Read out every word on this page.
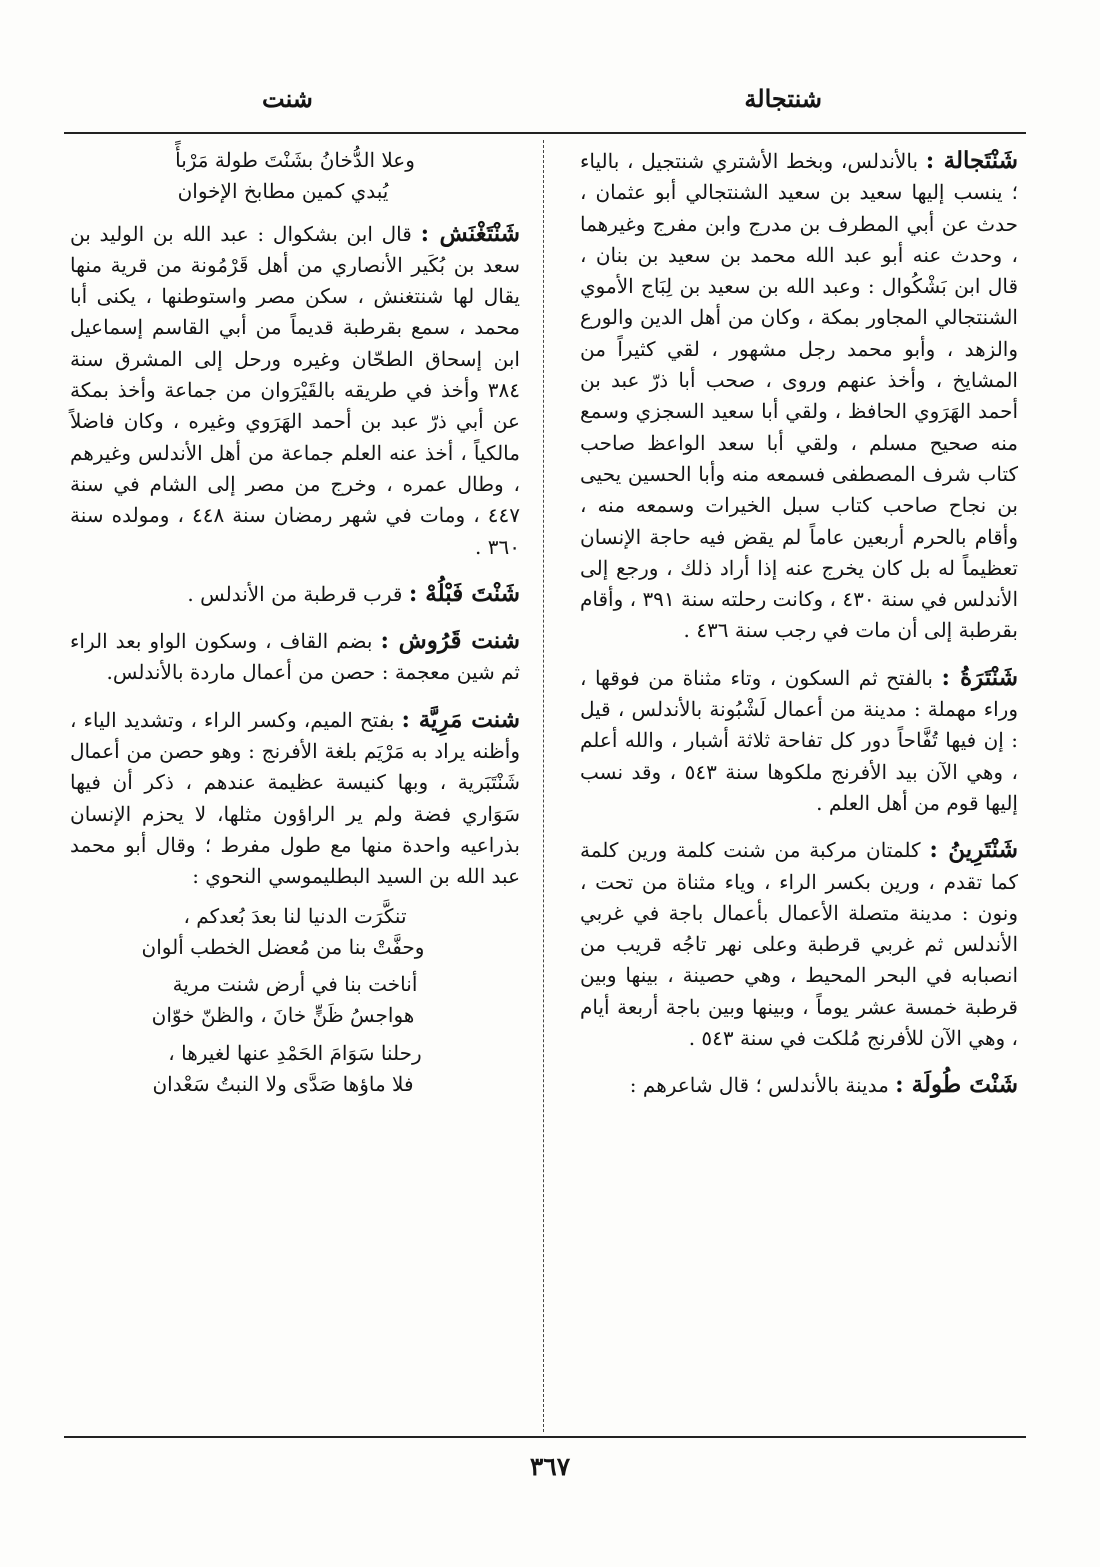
شنتجالة
شنت

شَنْتَجالة : بالأندلس، وبخط الأشتري شنتجيل ، بالياء ؛ ينسب إليها سعيد بن سعيد الشنتجالي أبو عثمان ، حدث عن أبي المطرف بن مدرج وابن مفرج وغيرهما ، وحدث عنه أبو عبد الله محمد بن سعيد بن بنان ، قال ابن بَشْكُوال : وعبد الله بن سعيد بن لِبَاج الأموي الشنتجالي المجاور بمكة ، وكان من أهل الدين والورع والزهد ، وأبو محمد رجل مشهور ، لقي كثيراً من المشايخ ، وأخذ عنهم وروى ، صحب أبا ذرّ عبد بن أحمد الهَرَوي الحافظ ، ولقي أبا سعيد السجزي وسمع منه صحيح مسلم ، ولقي أبا سعد الواعظ صاحب كتاب شرف المصطفى فسمعه منه وأبا الحسين يحيى بن نجاح صاحب كتاب سبل الخيرات وسمعه منه ، وأقام بالحرم أربعين عاماً لم يقض فيه حاجة الإنسان تعظيماً له بل كان يخرج عنه إذا أراد ذلك ، ورجع إلى الأندلس في سنة ٤٣٠ ، وكانت رحلته سنة ٣٩١ ، وأقام بقرطبة إلى أن مات في رجب سنة ٤٣٦ .

شَنْتَرَةُ : بالفتح ثم السكون ، وتاء مثناة من فوقها ، وراء مهملة : مدينة من أعمال لَشْبُونة بالأندلس ، قيل : إن فيها تُفَّاحاً دور كل تفاحة ثلاثة أشبار ، والله أعلم ، وهي الآن بيد الأفرنج ملكوها سنة ٥٤٣ ، وقد نسب إليها قوم من أهل العلم .

شَنْتَرِينُ : كلمتان مركبة من شنت كلمة ورين كلمة كما تقدم ، ورين بكسر الراء ، وياء مثناة من تحت ، ونون : مدينة متصلة الأعمال بأعمال باجة في غربي الأندلس ثم غربي قرطبة وعلى نهر تاجُه قريب من انصبابه في البحر المحيط ، وهي حصينة ، بينها وبين قرطبة خمسة عشر يوماً ، وبينها وبين باجة أربعة أيام ، وهي الآن للأفرنج مُلكت في سنة ٥٤٣ .

شَنْتَ طُولَة : مدينة بالأندلس ؛ قال شاعرهم :

وعلا الدُّخانُ بشَنْتَ طولة مَرْبأً
يُبدي كمين مطابخ الإخوان

شَنْتَغْنَش : قال ابن بشكوال : عبد الله بن الوليد بن سعد بن بُكَير الأنصاري من أهل قَرْمُونة من قرية منها يقال لها شنتغنش ، سكن مصر واستوطنها ، يكنى أبا محمد ، سمع بقرطبة قديماً من أبي القاسم إسماعيل ابن إسحاق الطحّان وغيره ورحل إلى المشرق سنة ٣٨٤ وأخذ في طريقه بالقَيْرَوان من جماعة وأخذ بمكة عن أبي ذرّ عبد بن أحمد الهَرَوي وغيره ، وكان فاضلاً مالكياً ، أخذ عنه العلم جماعة من أهل الأندلس وغيرهم ، وطال عمره ، وخرج من مصر إلى الشام في سنة ٤٤٧ ، ومات في شهر رمضان سنة ٤٤٨ ، ومولده سنة ٣٦٠ .

شَنْتَ فَبْلُهْ : قرب قرطبة من الأندلس .

شنت قَرُوش : بضم القاف ، وسكون الواو بعد الراء ثم شين معجمة : حصن من أعمال ماردة بالأندلس.

شنت مَرِيَّة : بفتح الميم، وكسر الراء ، وتشديد الياء ، وأظنه يراد به مَرْيَم بلغة الأفرنج : وهو حصن من أعمال شَنْتَبَرية ، وبها كنيسة عظيمة عندهم ، ذكر أن فيها سَوَاري فضة ولم ير الراؤون مثلها، لا يحزم الإنسان بذراعيه واحدة منها مع طول مفرط ؛ وقال أبو محمد عبد الله بن السيد البطليموسي النحوي :

تنكَّرَت الدنيا لنا بعدَ بُعدكم ،
وحفَّتْ بنا من مُعضل الخطب ألوان
أناخت بنا في أرض شنت مرية
هواجسُ ظَنٍّ خانَ ، والظنّ خوّان
رحلنا سَوَامَ الحَمْدِ عنها لغيرها ،
فلا ماؤها صَدَّى ولا النبتُ سَعْدان
٣٦٧
